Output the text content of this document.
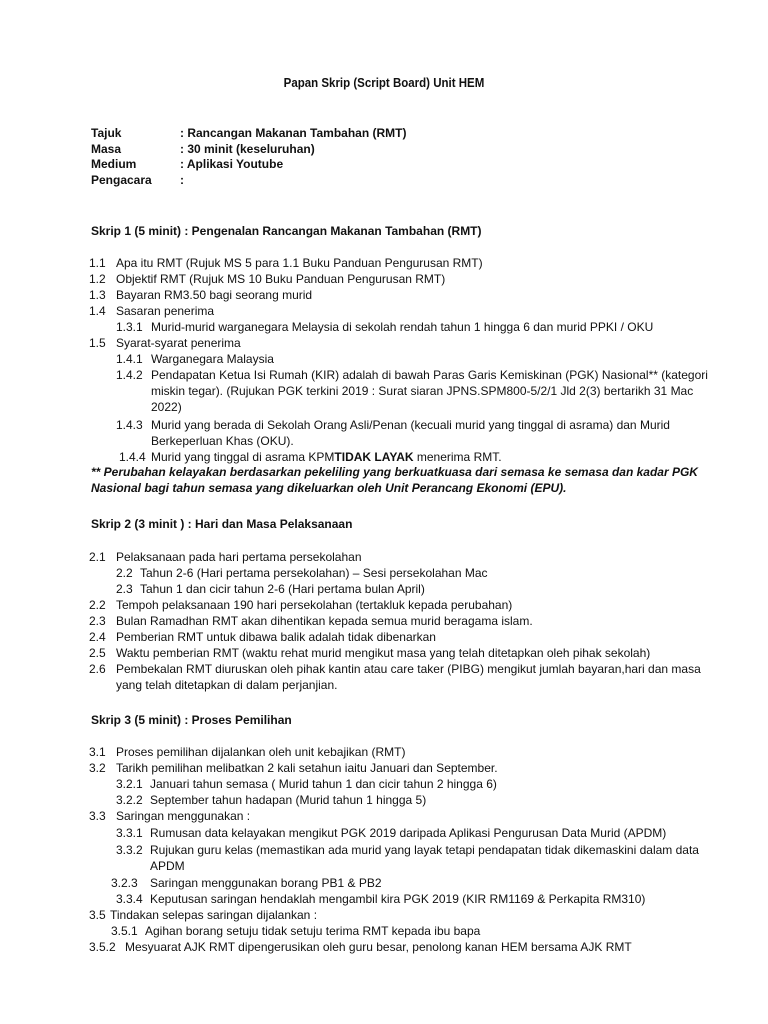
Papan Skrip (Script Board) Unit HEM
Tajuk	: Rancangan Makanan Tambahan (RMT)
Masa	: 30 minit (keseluruhan)
Medium	: Aplikasi Youtube
Pengacara :
Skrip 1 (5 minit) : Pengenalan Rancangan Makanan Tambahan (RMT)
1.1 Apa itu RMT (Rujuk MS 5 para 1.1 Buku Panduan Pengurusan RMT)
1.2 Objektif RMT (Rujuk MS 10 Buku Panduan Pengurusan RMT)
1.3 Bayaran RM3.50 bagi seorang murid
1.4 Sasaran penerima
1.3.1 Murid-murid warganegara Melaysia di sekolah rendah tahun 1 hingga 6 dan murid PPKI / OKU
1.5 Syarat-syarat penerima
1.4.1 Warganegara Malaysia
1.4.2 Pendapatan Ketua Isi Rumah (KIR) adalah di bawah Paras Garis Kemiskinan (PGK) Nasional** (kategori
miskin tegar). (Rujukan PGK terkini 2019 : Surat siaran JPNS.SPM800-5/2/1 Jld 2(3) bertarikh 31 Mac
2022)
1.4.3 Murid yang berada di Sekolah Orang Asli/Penan (kecuali murid yang tinggal di asrama) dan Murid
Berkeperluan Khas (OKU).
1.4.4 Murid yang tinggal di asrama KPMTIDAK LAYAK menerima RMT.
** Perubahan kelayakan berdasarkan pekeliling yang berkuatkuasa dari semasa ke semasa dan kadar PGK
Nasional bagi tahun semasa yang dikeluarkan oleh Unit Perancang Ekonomi (EPU).
Skrip 2 (3 minit ) : Hari dan Masa Pelaksanaan
2.1 Pelaksanaan pada hari pertama persekolahan
2.2 Tahun 2-6 (Hari pertama persekolahan) – Sesi persekolahan Mac
2.3 Tahun 1 dan cicir tahun 2-6 (Hari pertama bulan April)
2.2 Tempoh pelaksanaan 190 hari persekolahan (tertakluk kepada perubahan)
2.3 Bulan Ramadhan RMT akan dihentikan kepada semua murid beragama islam.
2.4 Pemberian RMT untuk dibawa balik adalah tidak dibenarkan
2.5 Waktu pemberian RMT (waktu rehat murid mengikut masa yang telah ditetapkan oleh pihak sekolah)
2.6 Pembekalan RMT diuruskan oleh pihak kantin atau care taker (PIBG) mengikut jumlah bayaran,hari dan masa
yang telah ditetapkan di dalam perjanjian.
Skrip 3 (5 minit) : Proses Pemilihan
3.1 Proses pemilihan dijalankan oleh unit kebajikan (RMT)
3.2 Tarikh pemilihan melibatkan 2 kali setahun iaitu Januari dan September.
3.2.1 Januari tahun semasa ( Murid tahun 1 dan cicir tahun 2 hingga 6)
3.2.2 September tahun hadapan (Murid tahun 1 hingga 5)
3.3 Saringan menggunakan :
3.3.1 Rumusan data kelayakan mengikut PGK 2019 daripada Aplikasi Pengurusan Data Murid (APDM)
3.3.2 Rujukan guru kelas (memastikan ada murid yang layak tetapi pendapatan tidak dikemaskini dalam data
APDM
3.2.3 Saringan menggunakan borang PB1 & PB2
3.3.4 Keputusan saringan hendaklah mengambil kira PGK 2019 (KIR RM1169 & Perkapita RM310)
3.5 Tindakan selepas saringan dijalankan :
3.5.1 Agihan borang setuju tidak setuju terima RMT kepada ibu bapa
3.5.2 Mesyuarat AJK RMT dipengerusikan oleh guru besar, penolong kanan HEM bersama AJK RMT
